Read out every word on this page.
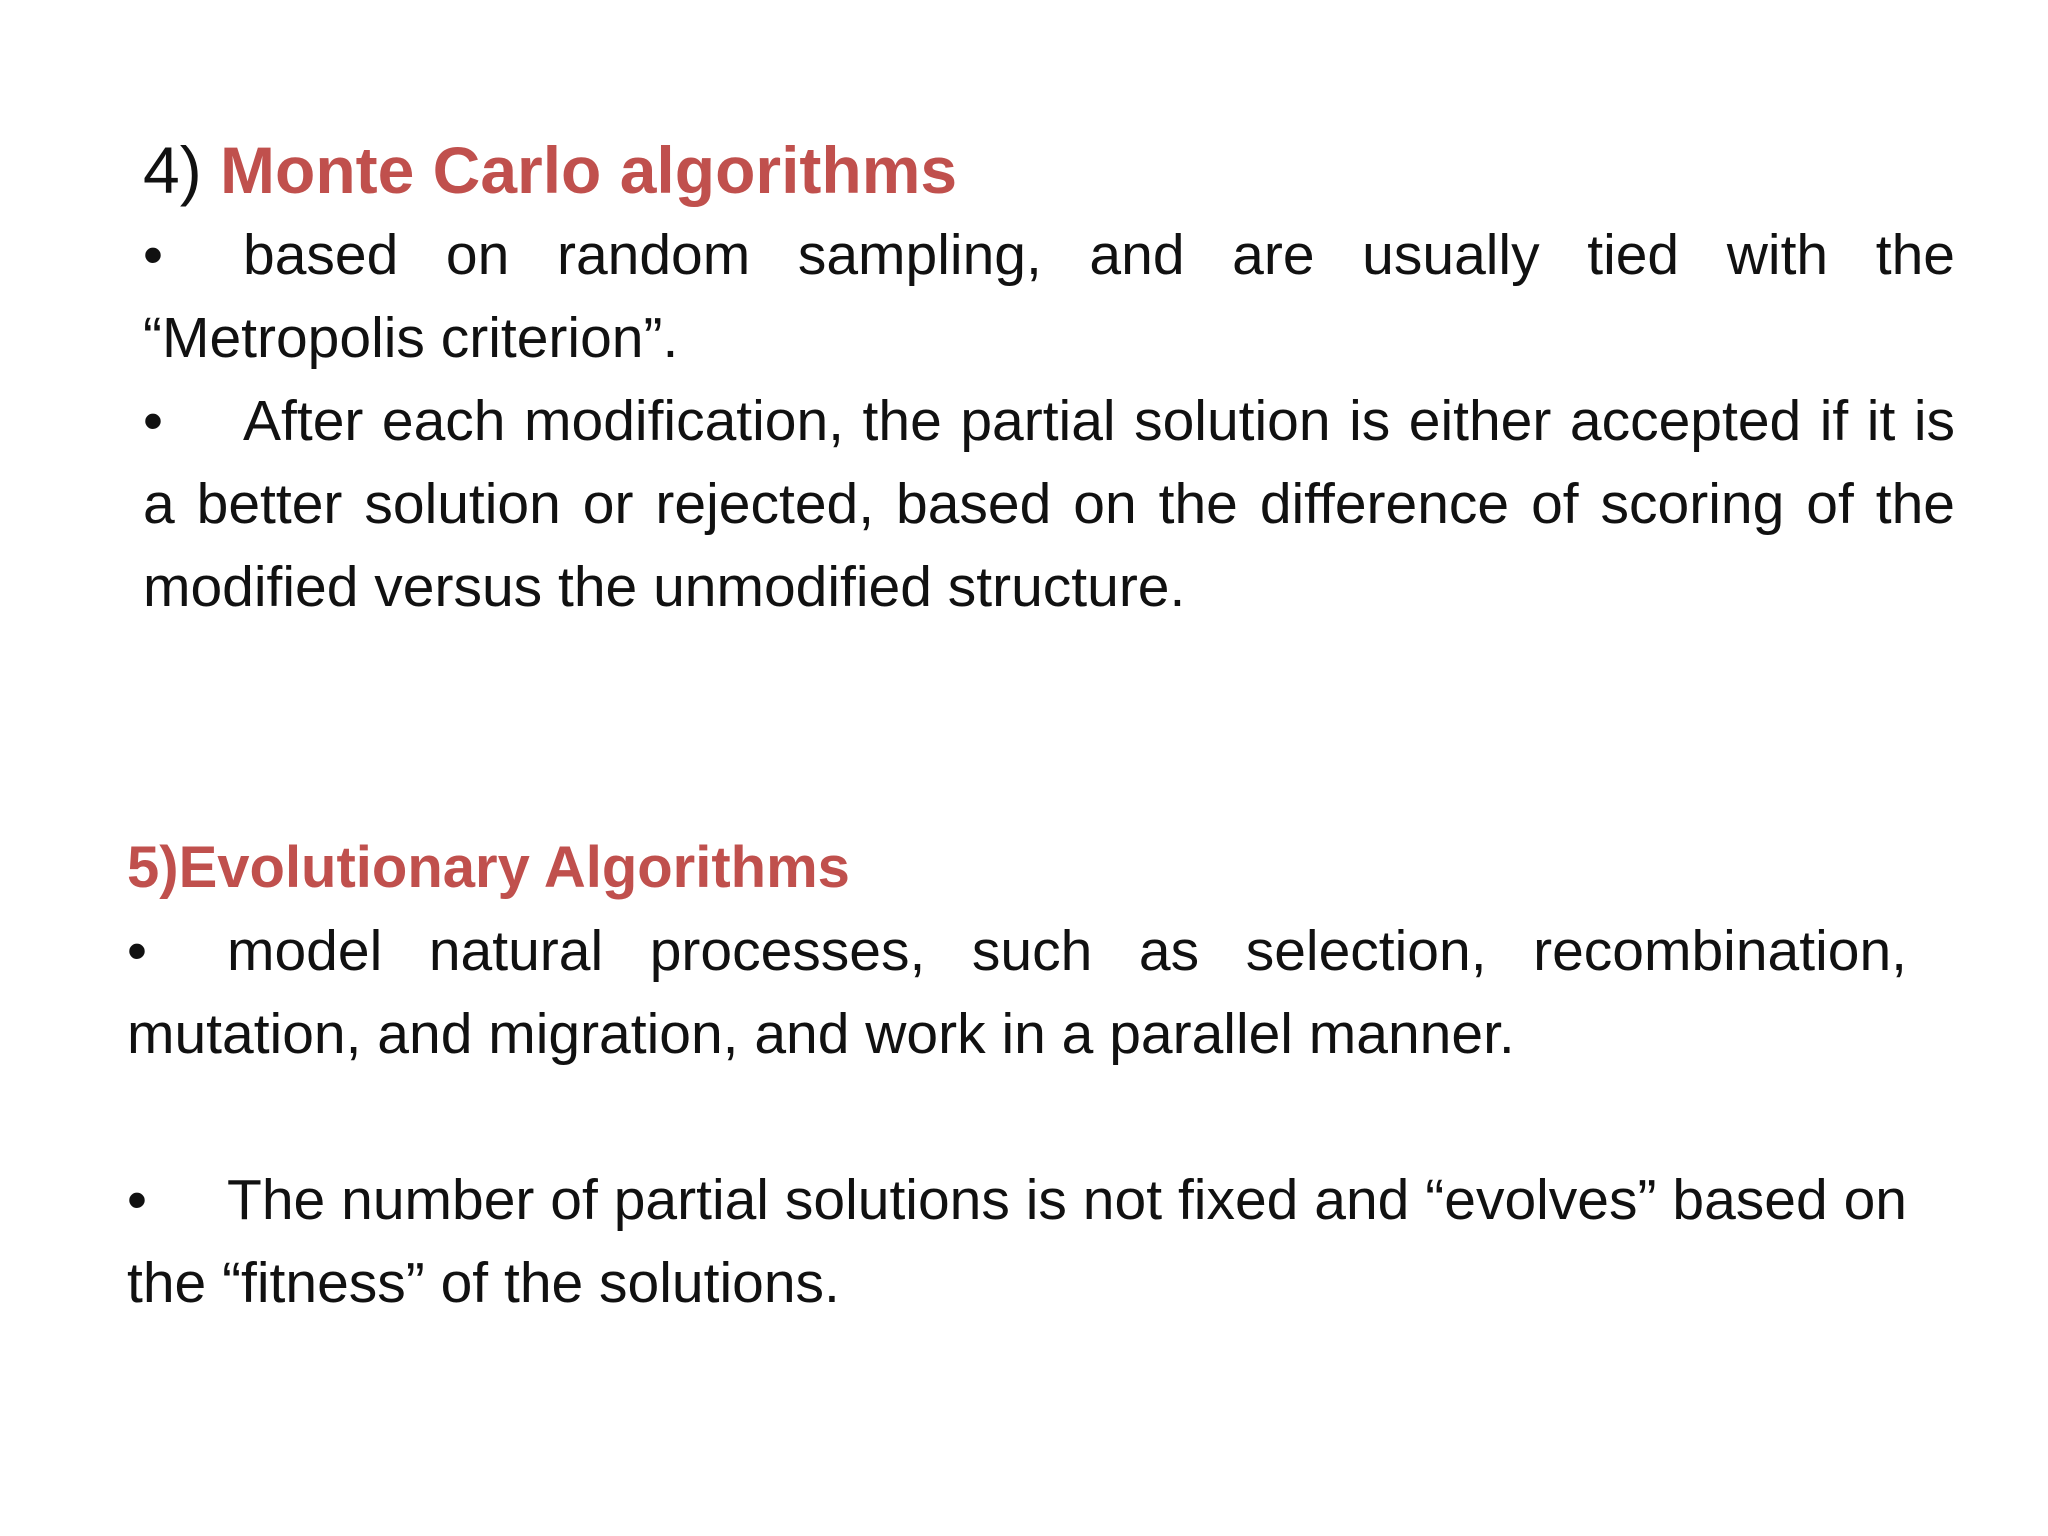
4) Monte Carlo algorithms

• based on random sampling, and are usually tied with the “Metropolis criterion”.

• After each modification, the partial solution is either accepted if it is a better solution or rejected, based on the difference of scoring of the modified versus the unmodified structure.

5)Evolutionary Algorithms

• model natural processes, such as selection, recombination, mutation, and migration, and work in a parallel manner.

• The number of partial solutions is not fixed and “evolves” based on the “fitness” of the solutions.
